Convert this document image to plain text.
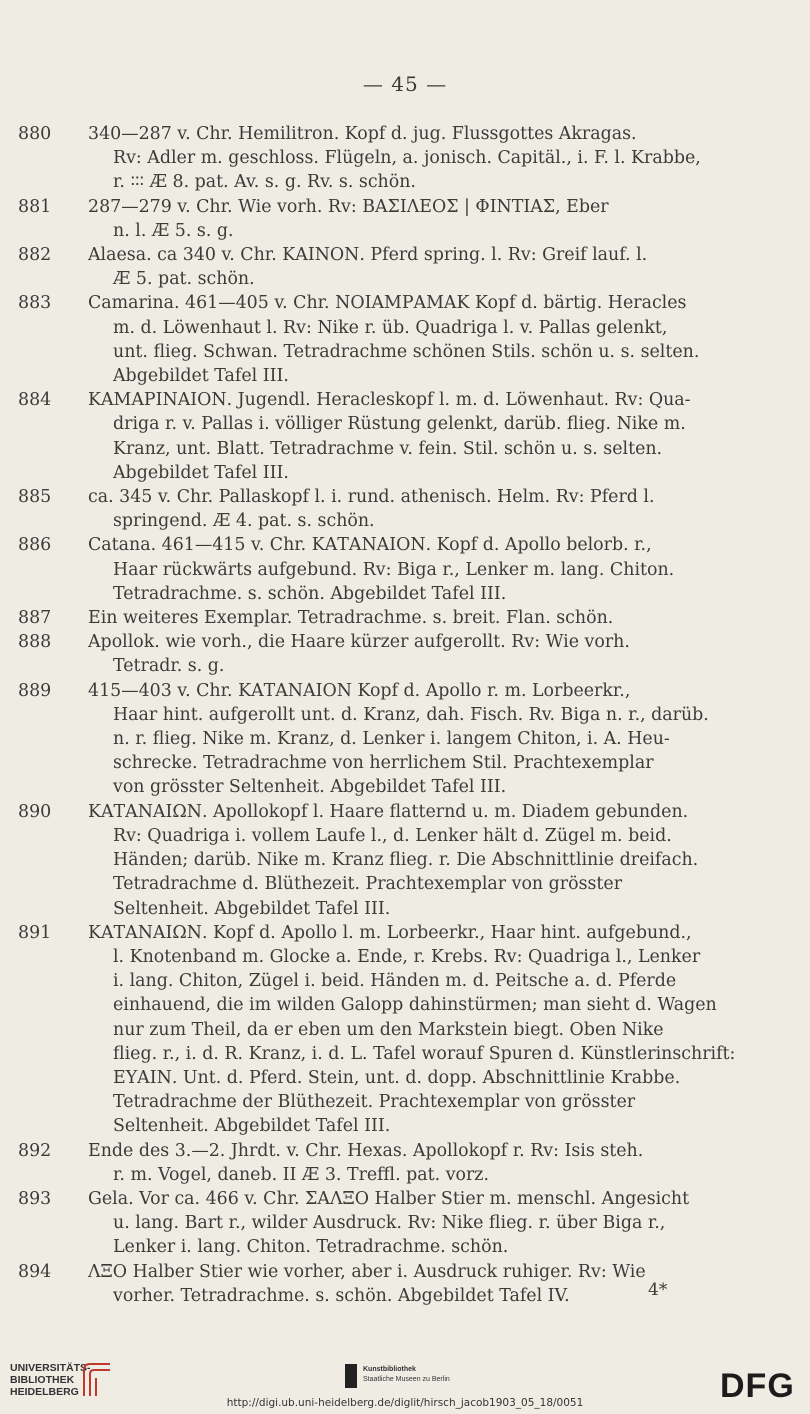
— 45 —
880	340—287 v. Chr. Hemilitron. Kopf d. jug. Flussgottes Akragas.
Rv: Adler m. geschloss. Flügeln, a. jonisch. Capitäl., i. F. l. Krabbe,
r. ∶∶∶ Æ 8. pat. Av. s. g. Rv. s. schön.
881	287—279 v. Chr. Wie vorh. Rv: ΒΑΣΙΛΕΟΣ | ΦΙΝΤΙΑΣ, Eber
n. l. Æ 5. s. g.
882	Alaesa. ca 340 v. Chr. ΚΑΙΝΟΝ. Pferd spring. l. Rv: Greif lauf. l.
Æ 5. pat. schön.
883	Camarina. 461—405 v. Chr. ΝΟΙΑΜΡΑΜΑΚ Kopf d. bärtig. Heracles
m. d. Löwenhaut l. Rv: Nike r. üb. Quadriga l. v. Pallas gelenkt,
unt. flieg. Schwan. Tetradrachme schönen Stils. schön u. s. selten.
Abgebildet Tafel III.
884	ΚΑΜΑΡΙΝΑΙΟΝ. Jugendl. Heracleskopf l. m. d. Löwenhaut. Rv: Qua-
driga r. v. Pallas i. völliger Rüstung gelenkt, darüb. flieg. Nike m.
Kranz, unt. Blatt. Tetradrachme v. fein. Stil. schön u. s. selten.
Abgebildet Tafel III.
885	ca. 345 v. Chr. Pallaskopf l. i. rund. athenisch. Helm. Rv: Pferd l.
springend. Æ 4. pat. s. schön.
886	Catana. 461—415 v. Chr. ΚΑΤΑΝΑΙΟΝ. Kopf d. Apollo belorb. r.,
Haar rückwärts aufgebund. Rv: Biga r., Lenker m. lang. Chiton.
Tetradrachme. s. schön. Abgebildet Tafel III.
887	Ein weiteres Exemplar. Tetradrachme. s. breit. Flan. schön.
888	Apollok. wie vorh., die Haare kürzer aufgerollt. Rv: Wie vorh.
Tetradr. s. g.
889	415—403 v. Chr. ΚΑΤΑΝΑΙΟΝ Kopf d. Apollo r. m. Lorbeerkr.,
Haar hint. aufgerollt unt. d. Kranz, dah. Fisch. Rv. Biga n. r., darüb.
n. r. flieg. Nike m. Kranz, d. Lenker i. langem Chiton, i. A. Heu-
schrecke. Tetradrachme von herrlichem Stil. Prachtexemplar
von grösster Seltenheit. Abgebildet Tafel III.
890	ΚΑΤΑΝΑΙΩΝ. Apollokopf l. Haare flatternd u. m. Diadem gebunden.
Rv: Quadriga i. vollem Laufe l., d. Lenker hält d. Zügel m. beid.
Händen; darüb. Nike m. Kranz flieg. r. Die Abschnittlinie dreifach.
Tetradrachme d. Blüthezeit. Prachtexemplar von grösster
Seltenheit. Abgebildet Tafel III.
891	ΚΑΤΑΝΑΙΩΝ. Kopf d. Apollo l. m. Lorbeerkr., Haar hint. aufgebund.,
l. Knotenband m. Glocke a. Ende, r. Krebs. Rv: Quadriga l., Lenker
i. lang. Chiton, Zügel i. beid. Händen m. d. Peitsche a. d. Pferde
einhauend, die im wilden Galopp dahinstürmen; man sieht d. Wagen
nur zum Theil, da er eben um den Markstein biegt. Oben Nike
flieg. r., i. d. R. Kranz, i. d. L. Tafel worauf Spuren d. Künstlerinschrift:
ΕΥΑΙΝ. Unt. d. Pferd. Stein, unt. d. dopp. Abschnittlinie Krabbe.
Tetradrachme der Blüthezeit. Prachtexemplar von grösster
Seltenheit. Abgebildet Tafel III.
892	Ende des 3.—2. Jhrdt. v. Chr. Hexas. Apollokopf r. Rv: Isis steh.
r. m. Vogel, daneb. II Æ 3. Treffl. pat. vorz.
893	Gela. Vor ca. 466 v. Chr. ΣΑΛΞΟ Halber Stier m. menschl. Angesicht
u. lang. Bart r., wilder Ausdruck. Rv: Nike flieg. r. über Biga r.,
Lenker i. lang. Chiton. Tetradrachme. schön.
894	ΛΞΟ Halber Stier wie vorher, aber i. Ausdruck ruhiger. Rv: Wie
vorher. Tetradrachme. s. schön. Abgebildet Tafel IV.	4*
UNIVERSITÄTS-
BIBLIOTHEK
HEIDELBERG
Kunstbibliothek
Staatliche Museen zu Berlin	DFG
http://digi.ub.uni-heidelberg.de/diglit/hirsch_jacob1903_05_18/0051
